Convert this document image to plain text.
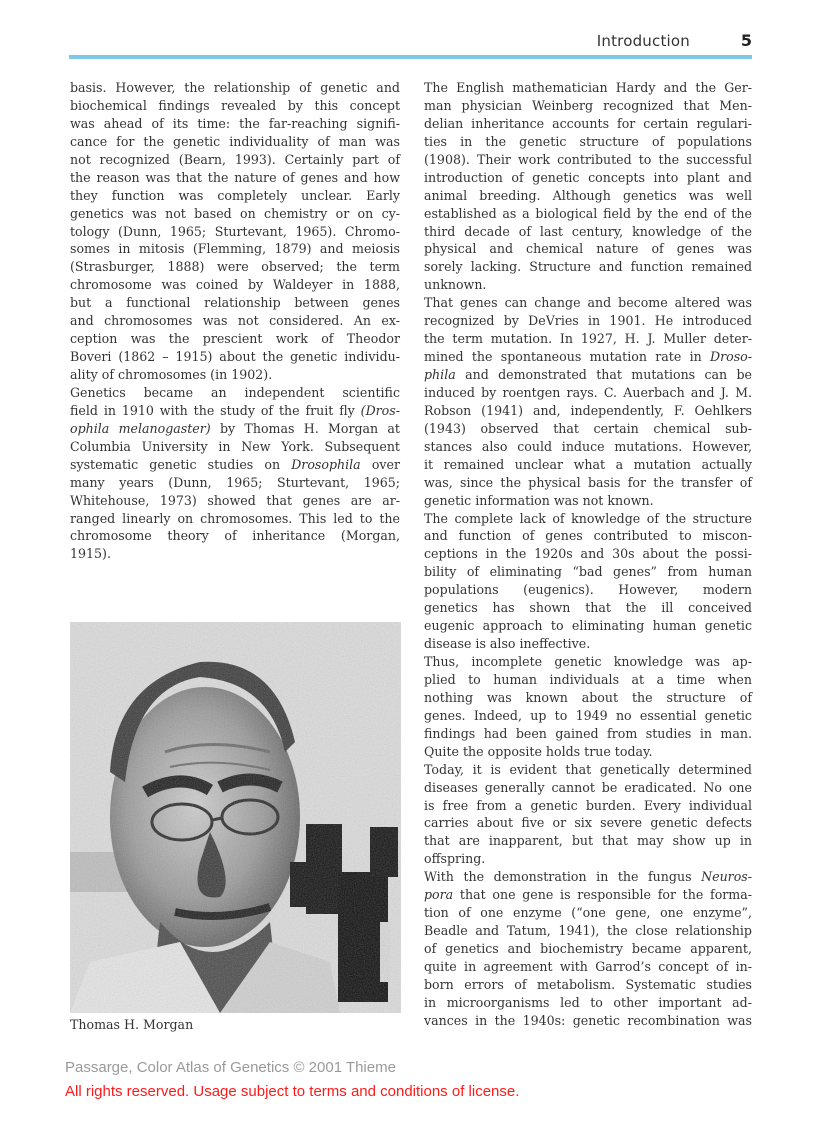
Introduction	5
basis. However, the relationship of genetic and
biochemical findings revealed by this concept
was ahead of its time: the far-reaching signifi-
cance for the genetic individuality of man was
not recognized (Bearn, 1993). Certainly part of
the reason was that the nature of genes and how
they function was completely unclear. Early
genetics was not based on chemistry or on cy-
tology (Dunn, 1965; Sturtevant, 1965). Chromo-
somes in mitosis (Flemming, 1879) and meiosis
(Strasburger, 1888) were observed; the term
chromosome was coined by Waldeyer in 1888,
but a functional relationship between genes
and chromosomes was not considered. An ex-
ception was the prescient work of Theodor
Boveri (1862 – 1915) about the genetic individu-
ality of chromosomes (in 1902).
Genetics became an independent scientific
field in 1910 with the study of the fruit fly (Dros-
ophila melanogaster) by Thomas H. Morgan at
Columbia University in New York. Subsequent
systematic genetic studies on Drosophila over
many years (Dunn, 1965; Sturtevant, 1965;
Whitehouse, 1973) showed that genes are ar-
ranged linearly on chromosomes. This led to the
chromosome theory of inheritance (Morgan,
1915).
Thomas H. Morgan
The English mathematician Hardy and the Ger-
man physician Weinberg recognized that Men-
delian inheritance accounts for certain regulari-
ties in the genetic structure of populations
(1908). Their work contributed to the successful
introduction of genetic concepts into plant and
animal breeding. Although genetics was well
established as a biological field by the end of the
third decade of last century, knowledge of the
physical and chemical nature of genes was
sorely lacking. Structure and function remained
unknown.
That genes can change and become altered was
recognized by DeVries in 1901. He introduced
the term mutation. In 1927, H. J. Muller deter-
mined the spontaneous mutation rate in Droso-
phila and demonstrated that mutations can be
induced by roentgen rays. C. Auerbach and J. M.
Robson (1941) and, independently, F. Oehlkers
(1943) observed that certain chemical sub-
stances also could induce mutations. However,
it remained unclear what a mutation actually
was, since the physical basis for the transfer of
genetic information was not known.
The complete lack of knowledge of the structure
and function of genes contributed to miscon-
ceptions in the 1920s and 30s about the possi-
bility of eliminating “bad genes” from human
populations (eugenics). However, modern
genetics has shown that the ill conceived
eugenic approach to eliminating human genetic
disease is also ineffective.
Thus, incomplete genetic knowledge was ap-
plied to human individuals at a time when
nothing was known about the structure of
genes. Indeed, up to 1949 no essential genetic
findings had been gained from studies in man.
Quite the opposite holds true today.
Today, it is evident that genetically determined
diseases generally cannot be eradicated. No one
is free from a genetic burden. Every individual
carries about five or six severe genetic defects
that are inapparent, but that may show up in
offspring.
With the demonstration in the fungus Neuros-
pora that one gene is responsible for the forma-
tion of one enzyme (“one gene, one enzyme”,
Beadle and Tatum, 1941), the close relationship
of genetics and biochemistry became apparent,
quite in agreement with Garrod’s concept of in-
born errors of metabolism. Systematic studies
in microorganisms led to other important ad-
vances in the 1940s: genetic recombination was
Passarge, Color Atlas of Genetics © 2001 Thieme
All rights reserved. Usage subject to terms and conditions of license.
